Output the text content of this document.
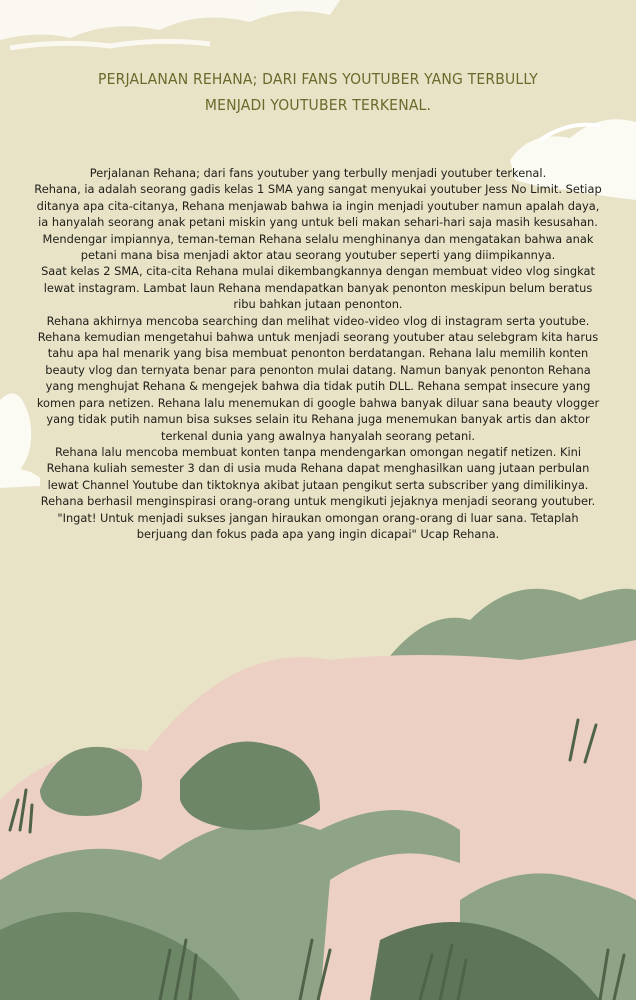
PERJALANAN REHANA; DARI FANS YOUTUBER YANG TERBULLY
MENJADI YOUTUBER TERKENAL.

Perjalanan Rehana; dari fans youtuber yang terbully menjadi youtuber terkenal.

Rehana, ia adalah seorang gadis kelas 1 SMA yang sangat menyukai youtuber Jess No Limit. Setiap ditanya apa cita-citanya, Rehana menjawab bahwa ia ingin menjadi youtuber namun apalah daya, ia hanyalah seorang anak petani miskin yang untuk beli makan sehari-hari saja masih kesusahan. Mendengar impiannya, teman-teman Rehana selalu menghinanya dan mengatakan bahwa anak petani mana bisa menjadi aktor atau seorang youtuber seperti yang diimpikannya.

Saat kelas 2 SMA, cita-cita Rehana mulai dikembangkannya dengan membuat video vlog singkat lewat instagram. Lambat laun Rehana mendapatkan banyak penonton meskipun belum beratus ribu bahkan jutaan penonton.

Rehana akhirnya mencoba searching dan melihat video-video vlog di instagram serta youtube. Rehana kemudian mengetahui bahwa untuk menjadi seorang youtuber atau selebgram kita harus tahu apa hal menarik yang bisa membuat penonton berdatangan. Rehana lalu memilih konten beauty vlog dan ternyata benar para penonton mulai datang. Namun banyak penonton Rehana yang menghujat Rehana & mengejek bahwa dia tidak putih DLL. Rehana sempat insecure yang komen para netizen. Rehana lalu menemukan di google bahwa banyak diluar sana beauty vlogger yang tidak putih namun bisa sukses selain itu Rehana juga menemukan banyak artis dan aktor terkenal dunia yang awalnya hanyalah seorang petani.

Rehana lalu mencoba membuat konten tanpa mendengarkan omongan negatif netizen. Kini Rehana kuliah semester 3 dan di usia muda Rehana dapat menghasilkan uang jutaan perbulan lewat Channel Youtube dan tiktoknya akibat jutaan pengikut serta subscriber yang dimilikinya. Rehana berhasil menginspirasi orang-orang untuk mengikuti jejaknya menjadi seorang youtuber.

"Ingat! Untuk menjadi sukses jangan hiraukan omongan orang-orang di luar sana. Tetaplah berjuang dan fokus pada apa yang ingin dicapai" Ucap Rehana.
